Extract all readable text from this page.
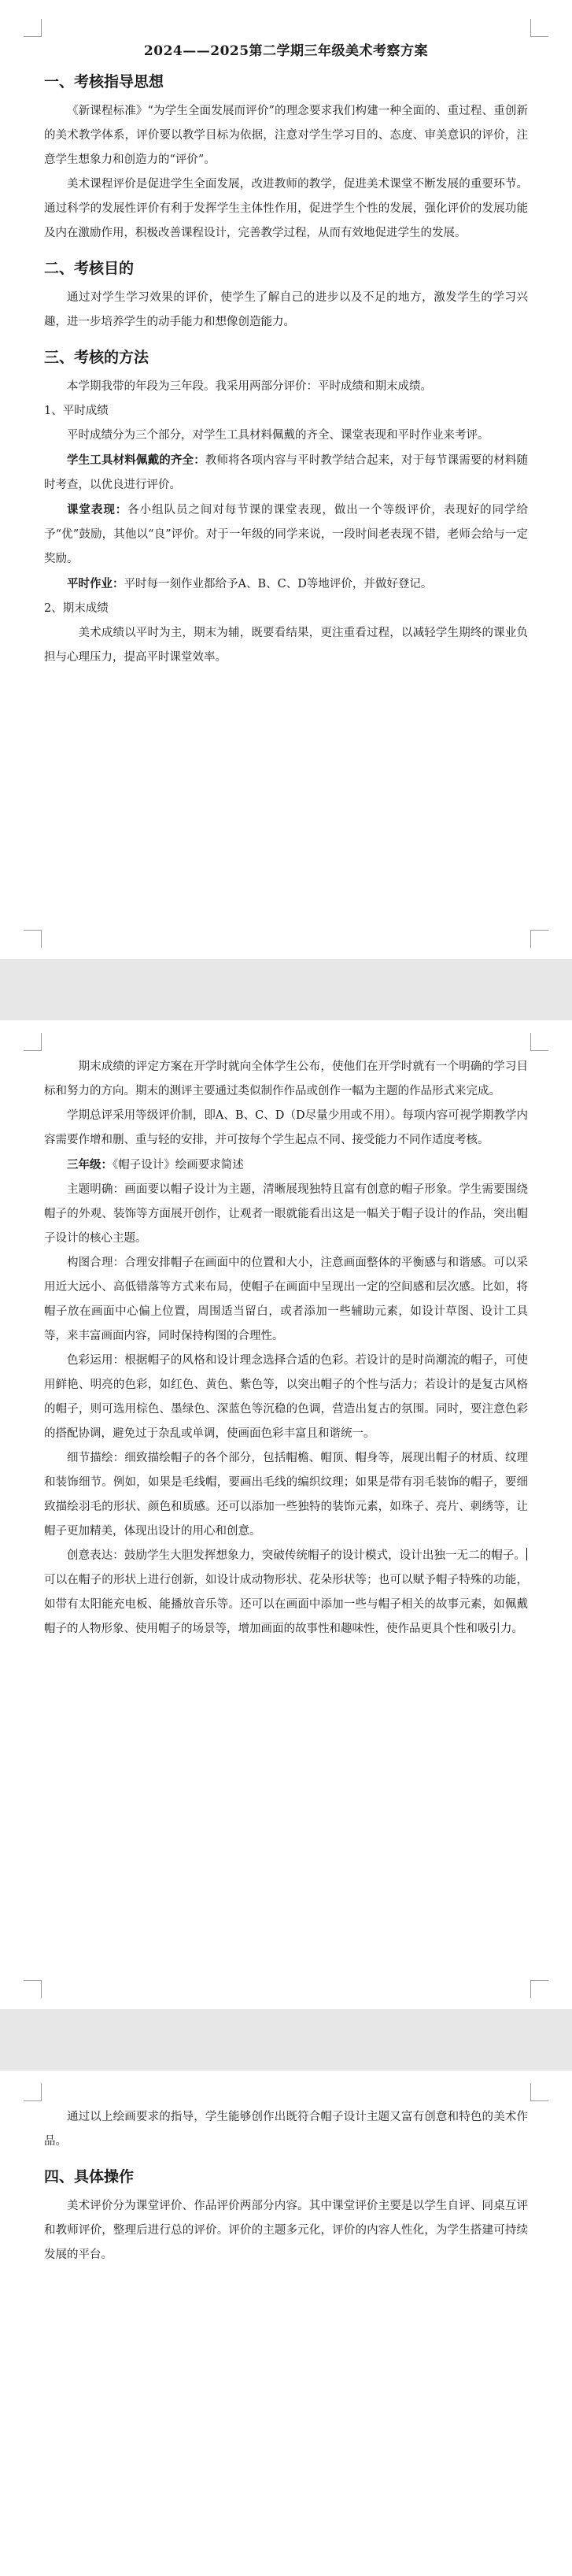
2024——2025第二学期三年级美术考察方案
一、考核指导思想

《新课程标准》“为学生全面发展而评价”的理念要求我们构建一种全面的、重过程、重创新的美术教学体系，评价要以教学目标为依据，注意对学生学习目的、态度、审美意识的评价，注意学生想象力和创造力的“评价”。

美术课程评价是促进学生全面发展，改进教师的教学，促进美术课堂不断发展的重要环节。通过科学的发展性评价有利于发挥学生主体性作用，促进学生个性的发展，强化评价的发展功能及内在激励作用，积极改善课程设计，完善教学过程，从而有效地促进学生的发展。

二、考核目的

通过对学生学习效果的评价，使学生了解自己的进步以及不足的地方，激发学生的学习兴趣，进一步培养学生的动手能力和想像创造能力。

三、考核的方法

本学期我带的年段为三年段。我采用两部分评价：平时成绩和期末成绩。

1、平时成绩

平时成绩分为三个部分，对学生工具材料佩戴的齐全、课堂表现和平时作业来考评。

学生工具材料佩戴的齐全：教师将各项内容与平时教学结合起来，对于每节课需要的材料随时考查，以优良进行评价。

课堂表现：各小组队员之间对每节课的课堂表现，做出一个等级评价，表现好的同学给予“优”鼓励，其他以“良”评价。对于一年级的同学来说，一段时间老表现不错，老师会给与一定奖励。

平时作业：平时每一刻作业都给予A、B、C、D等地评价，并做好登记。

2、期末成绩

美术成绩以平时为主，期末为辅，既要看结果，更注重看过程，以减轻学生期终的课业负担与心理压力，提高平时课堂效率。

期末成绩的评定方案在开学时就向全体学生公布，使他们在开学时就有一个明确的学习目标和努力的方向。期末的测评主要通过类似制作作品或创作一幅为主题的作品形式来完成。

学期总评采用等级评价制，即A、B、C、D（D尽量少用或不用）。每项内容可视学期教学内容需要作增和删、重与轻的安排，并可按每个学生起点不同、接受能力不同作适度考核。

三年级：《帽子设计》绘画要求简述

主题明确：画面要以帽子设计为主题，清晰展现独特且富有创意的帽子形象。学生需要围绕帽子的外观、装饰等方面展开创作，让观者一眼就能看出这是一幅关于帽子设计的作品，突出帽子设计的核心主题。

构图合理：合理安排帽子在画面中的位置和大小，注意画面整体的平衡感与和谐感。可以采用近大远小、高低错落等方式来布局，使帽子在画面中呈现出一定的空间感和层次感。比如，将帽子放在画面中心偏上位置，周围适当留白，或者添加一些辅助元素，如设计草图、设计工具等，来丰富画面内容，同时保持构图的合理性。

色彩运用：根据帽子的风格和设计理念选择合适的色彩。若设计的是时尚潮流的帽子，可使用鲜艳、明亮的色彩，如红色、黄色、紫色等，以突出帽子的个性与活力；若设计的是复古风格的帽子，则可选用棕色、墨绿色、深蓝色等沉稳的色调，营造出复古的氛围。同时，要注意色彩的搭配协调，避免过于杂乱或单调，使画面色彩丰富且和谐统一。

细节描绘：细致描绘帽子的各个部分，包括帽檐、帽顶、帽身等，展现出帽子的材质、纹理和装饰细节。例如，如果是毛线帽，要画出毛线的编织纹理；如果是带有羽毛装饰的帽子，要细致描绘羽毛的形状、颜色和质感。还可以添加一些独特的装饰元素，如珠子、亮片、刺绣等，让帽子更加精美，体现出设计的用心和创意。

创意表达：鼓励学生大胆发挥想象力，突破传统帽子的设计模式，设计出独一无二的帽子。可以在帽子的形状上进行创新，如设计成动物形状、花朵形状等；也可以赋予帽子特殊的功能，如带有太阳能充电板、能播放音乐等。还可以在画面中添加一些与帽子相关的故事元素，如佩戴帽子的人物形象、使用帽子的场景等，增加画面的故事性和趣味性，使作品更具个性和吸引力。

通过以上绘画要求的指导，学生能够创作出既符合帽子设计主题又富有创意和特色的美术作品。

四、具体操作

美术评价分为课堂评价、作品评价两部分内容。其中课堂评价主要是以学生自评、同桌互评和教师评价，整理后进行总的评价。评价的主题多元化，评价的内容人性化，为学生搭建可持续发展的平台。
